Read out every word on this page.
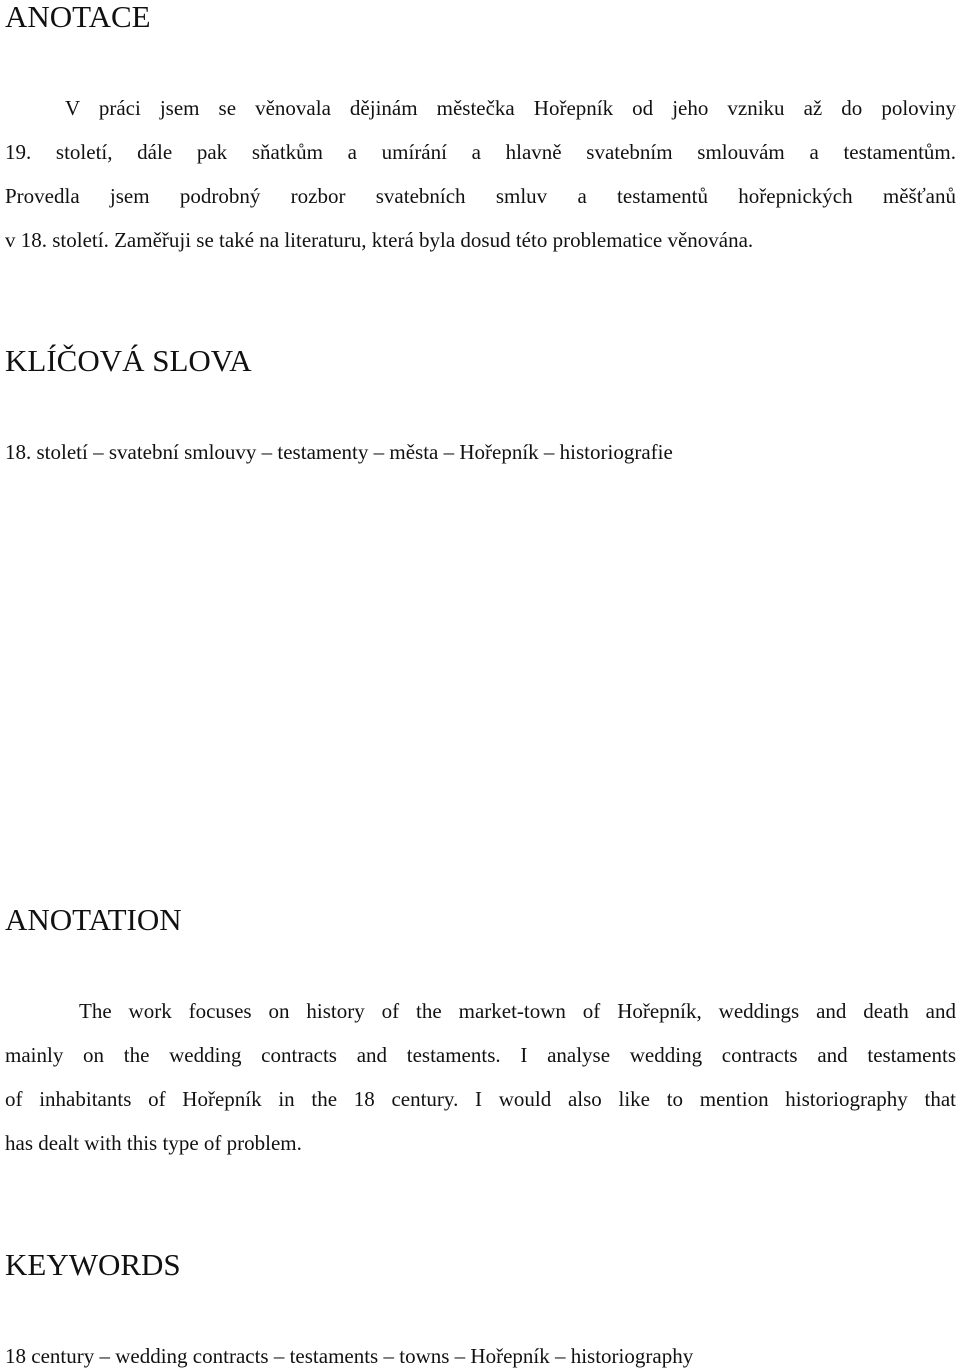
ANOTACE
V práci jsem se věnovala dějinám městečka Hořepník od jeho vzniku až do poloviny
19. století, dále pak sňatkům a umírání a hlavně svatebním smlouvám a testamentům.
Provedla jsem podrobný rozbor svatebních smluv a testamentů hořepnických měšťanů
v 18. století. Zaměřuji se také na literaturu, která byla dosud této problematice věnována.
KLÍČOVÁ SLOVA
18. století – svatební smlouvy – testamenty – města – Hořepník – historiografie
ANOTATION
The work focuses on history of the market-town of Hořepník, weddings and death and
mainly on the wedding contracts and testaments. I analyse wedding contracts and testaments
of inhabitants of Hořepník in the 18 century. I would also like to mention historiography that
has dealt with this type of problem.
KEYWORDS
18 century – wedding contracts – testaments – towns – Hořepník – historiography
